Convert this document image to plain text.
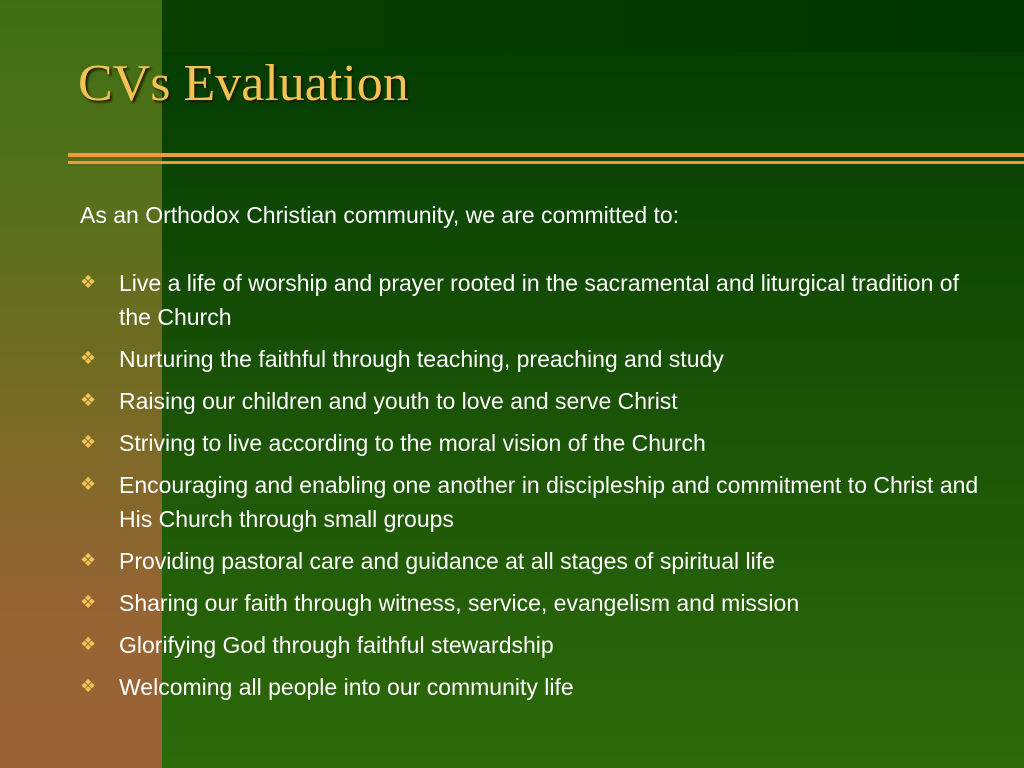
CVs Evaluation

As an Orthodox Christian community, we are committed to:

❖ Live a life of worship and prayer rooted in the sacramental and liturgical tradition of the Church
❖ Nurturing the faithful through teaching, preaching and study
❖ Raising our children and youth to love and serve Christ
❖ Striving to live according to the moral vision of the Church
❖ Encouraging and enabling one another in discipleship and commitment to Christ and His Church through small groups
❖ Providing pastoral care and guidance at all stages of spiritual life
❖ Sharing our faith through witness, service, evangelism and mission
❖ Glorifying God through faithful stewardship
❖ Welcoming all people into our community life
